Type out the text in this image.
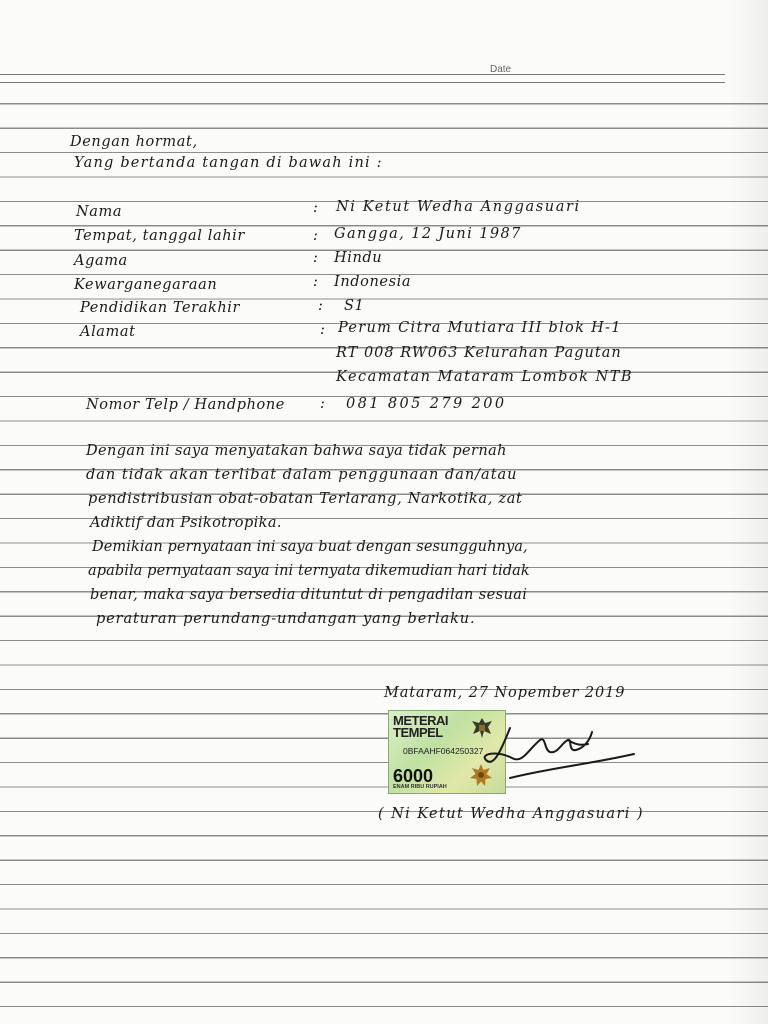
Date
Dengan hormat,
Yang bertanda tangan di bawah ini :
Nama	: Ni Ketut Wedha Anggasuari
Tempat, tanggal lahir	: Gangga, 12 Juni 1987
Agama	: Hindu
Kewarganegaraan	: Indonesia
Pendidikan Terakhir	: S1
Alamat	: Perum Citra Mutiara III blok H-1
RT 008 RW063 Kelurahan Pagutan
Kecamatan Mataram Lombok NTB
Nomor Telp / Handphone : 081 805 279 200
Dengan ini saya menyatakan bahwa saya tidak pernah
dan tidak akan terlibat dalam penggunaan dan/atau
pendistribusian obat-obatan Terlarang, Narkotika, zat
Adiktif dan Psikotropika.
Demikian pernyataan ini saya buat dengan sesungguhnya,
apabila pernyataan saya ini ternyata dikemudian hari tidak
benar, maka saya bersedia dituntut di pengadilan sesuai
peraturan perundang-undangan yang berlaku.
Mataram, 27 Nopember 2019
METERAI
TEMPEL
0BFAAHF064250327
6000
ENAM RIBU RUPIAH
( Ni Ketut Wedha Anggasuari )
